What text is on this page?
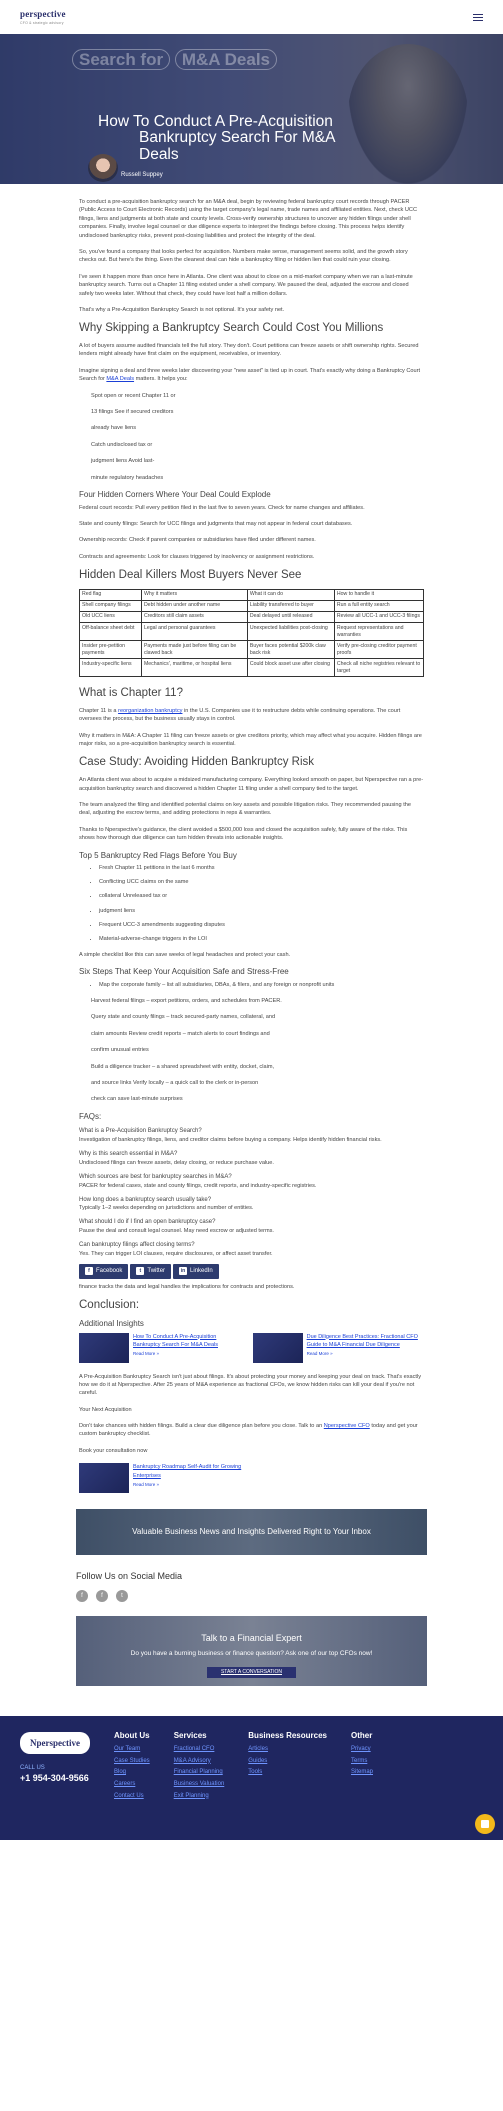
perspective
CFO & strategic advisory
Search for M&A Deals
How To Conduct A Pre-Acquisition
Bankruptcy Search For M&A
Deals
Russell Suppey

To conduct a pre-acquisition bankruptcy search for an M&A deal, begin by reviewing federal bankruptcy court records through PACER (Public Access to Court Electronic Records) using the target company's legal name, trade names and affiliated entities. Next, check UCC filings, liens and judgments at both state and county levels. Cross-verify ownership structures to uncover any hidden filings under shell companies. Finally, involve legal counsel or due diligence experts to interpret the findings before closing. This process helps identify undisclosed bankruptcy risks, prevent post-closing liabilities and protect the integrity of the deal.

So, you've found a company that looks perfect for acquisition. Numbers make sense, management seems solid, and the growth story checks out. But here's the thing. Even the cleanest deal can hide a bankruptcy filing or hidden lien that could ruin your closing.

I've seen it happen more than once here in Atlanta. One client was about to close on a mid-market company when we ran a last-minute bankruptcy search. Turns out a Chapter 11 filing existed under a shell company. We paused the deal, adjusted the escrow and closed safely two weeks later. Without that check, they could have lost half a million dollars.

That's why a Pre-Acquisition Bankruptcy Search is not optional. It's your safety net.

Why Skipping a Bankruptcy Search Could Cost You Millions

A lot of buyers assume audited financials tell the full story. They don't. Court petitions can freeze assets or shift ownership rights. Secured lenders might already have first claim on the equipment, receivables, or inventory.

Imagine signing a deal and three weeks later discovering your "new asset" is tied up in court. That's exactly why doing a Bankruptcy Court Search for M&A Deals matters. It helps you:

Spot open or recent Chapter 11 or
13 filings See if secured creditors
already have liens
Catch undisclosed tax or
judgment liens Avoid last-
minute regulatory headaches
Four Hidden Corners Where Your Deal Could Explode

Federal court records: Pull every petition filed in the last five to seven years. Check for name changes and affiliates.

State and county filings: Search for UCC filings and judgments that may not appear in federal court databases.

Ownership records: Check if parent companies or subsidiaries have filed under different names.

Contracts and agreements: Look for clauses triggered by insolvency or assignment restrictions.

Hidden Deal Killers Most Buyers Never See
Red flag	Why it matters	What it can do	How to handle it
Shell company filings	Debt hidden under another name	Liability transferred to buyer	Run a full entity search
Old UCC liens	Creditors still claim assets	Deal delayed until released	Review all UCC-1 and UCC-3 filings
Off-balance sheet debt	Legal and personal guarantees	Unexpected liabilities post-closing	Request representations and warranties
Insider pre-petition payments	Payments made just before filing can be clawed back	Buyer faces potential $200k claw back risk	Verify pre-closing creditor payment proofs
Industry-specific liens	Mechanics', maritime, or hospital liens	Could block asset use after closing	Check all niche registries relevant to target
What is Chapter 11?

Chapter 11 is a reorganization bankruptcy in the U.S. Companies use it to restructure debts while continuing operations. The court oversees the process, but the business usually stays in control.

Why it matters in M&A: A Chapter 11 filing can freeze assets or give creditors priority, which may affect what you acquire. Hidden filings are major risks, so a pre-acquisition bankruptcy search is essential.

Case Study: Avoiding Hidden Bankruptcy Risk

An Atlanta client was about to acquire a midsized manufacturing company. Everything looked smooth on paper, but Nperspective ran a pre-acquisition bankruptcy search and discovered a hidden Chapter 11 filing under a shell company tied to the target.

The team analyzed the filing and identified potential claims on key assets and possible litigation risks. They recommended pausing the deal, adjusting the escrow terms, and adding protections in reps & warranties.

Thanks to Nperspective's guidance, the client avoided a $500,000 loss and closed the acquisition safely, fully aware of the risks. This shows how thorough due diligence can turn hidden threats into actionable insights.

Top 5 Bankruptcy Red Flags Before You Buy
• Fresh Chapter 11 petitions in the last 6 months
• Conflicting UCC claims on the same
• collateral Unreleased tax or
• judgment liens
• Frequent UCC-3 amendments suggesting disputes
• Material-adverse-change triggers in the LOI

A simple checklist like this can save weeks of legal headaches and protect your cash.

Six Steps That Keep Your Acquisition Safe and Stress-Free
• Map the corporate family – list all subsidiaries, DBAs, & filers, and any foreign or nonprofit units
Harvest federal filings – export petitions, orders, and schedules from PACER.
Query state and county filings – track secured-party names, collateral, and
claim amounts Review credit reports – match alerts to court findings and
confirm unusual entries
Build a diligence tracker – a shared spreadsheet with entity, docket, claim,
and source links Verify locally – a quick call to the clerk or in-person
check can save last-minute surprises
FAQs:
What is a Pre-Acquisition Bankruptcy Search?
Investigation of bankruptcy filings, liens, and creditor claims before buying a company. Helps identify hidden financial risks.
Why is this search essential in M&A?
Undisclosed filings can freeze assets, delay closing, or reduce purchase value.
Which sources are best for bankruptcy searches in M&A?
PACER for federal cases, state and county filings, credit reports, and industry-specific registries.
How long does a bankruptcy search usually take?
Typically 1–2 weeks depending on jurisdictions and number of entities.
What should I do if I find an open bankruptcy case?
Pause the deal and consult legal counsel. May need escrow or adjusted terms.
Can bankruptcy filings affect closing terms?
Yes. They can trigger LOI clauses, require disclosures, or affect asset transfer.
f	Facebook	t	Twitter	in LinkedIn

finance tracks the data and legal handles the implications for contracts and protections.

Conclusion:
Additional Insights
How To Conduct A Pre-Acquisition Bankruptcy Search For M&A Deals
Read More »
Due Diligence Best Practices: Fractional CFO Guide to M&A Financial Due Diligence
Read More »

A Pre-Acquisition Bankruptcy Search isn't just about filings. It's about protecting your money and keeping your deal on track. That's exactly how we do it at Nperspective. After 25 years of M&A experience as fractional CFOs, we know hidden risks can kill your deal if you're not careful.

Your Next Acquisition

Don't take chances with hidden filings. Build a clear due diligence plan before you close. Talk to an Nperspective CFO today and get your custom bankruptcy checklist.

Book your consultation now

Bankruptcy Roadmap Self-Audit for Growing Enterprises
Read More »
Valuable Business News and Insights Delivered Right to Your Inbox
Follow Us on Social Media
f	f	t
Talk to a Financial Expert
Do you have a burning business or finance question? Ask one of our top CFOs now!
START A CONVERSATION
Nperspective
CALL US
+1 954-304-9566
About Us
Our Team
Case Studies
Blog
Careers
Contact Us
Services
Fractional CFO
M&A Advisory
Financial Planning
Business Valuation
Exit Planning
Business Resources
Articles
Guides
Tools
Other
Privacy
Terms
Sitemap
